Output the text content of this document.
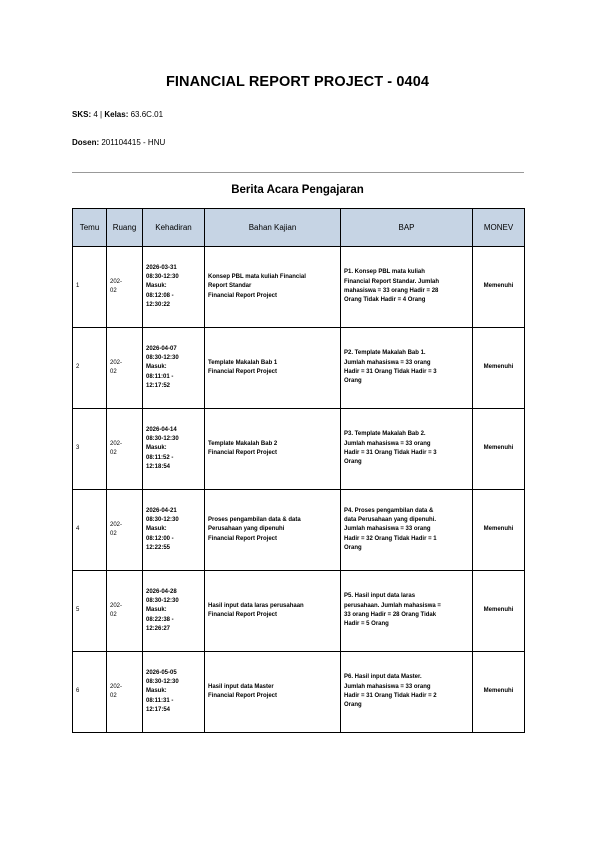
FINANCIAL REPORT PROJECT - 0404
SKS: 4 | Kelas: 63.6C.01
Dosen: 201104415 - HNU
Berita Acara Pengajaran
Temu	Ruang	Kehadiran	Bahan Kajian	BAP	MONEV
1	202-
02	2026-03-31
08:30-12:30
Masuk:
08:12:08 -
12:30:22	Konsep PBL mata kuliah Financial
Report Standar
Financial Report Project	P1. Konsep PBL mata kuliah
Financial Report Standar. Jumlah
mahasiswa = 33 orang Hadir = 28
Orang Tidak Hadir = 4 Orang	Memenuhi
2	202-
02	2026-04-07
08:30-12:30
Masuk:
08:11:01 -
12:17:52	Template Makalah Bab 1
Financial Report Project	P2. Template Makalah Bab 1.
Jumlah mahasiswa = 33 orang
Hadir = 31 Orang Tidak Hadir = 3
Orang	Memenuhi
3	202-
02	2026-04-14
08:30-12:30
Masuk:
08:11:52 -
12:18:54	Template Makalah Bab 2
Financial Report Project	P3. Template Makalah Bab 2.
Jumlah mahasiswa = 33 orang
Hadir = 31 Orang Tidak Hadir = 3
Orang	Memenuhi
4	202-
02	2026-04-21
08:30-12:30
Masuk:
08:12:00 -
12:22:55	Proses pengambilan data & data
Perusahaan yang dipenuhi
Financial Report Project	P4. Proses pengambilan data &
data Perusahaan yang dipenuhi.
Jumlah mahasiswa = 33 orang
Hadir = 32 Orang Tidak Hadir = 1
Orang	Memenuhi
5	202-
02	2026-04-28
08:30-12:30
Masuk:
08:22:38 -
12:26:27	Hasil input data laras perusahaan
Financial Report Project	P5. Hasil input data laras
perusahaan. Jumlah mahasiswa =
33 orang Hadir = 28 Orang Tidak
Hadir = 5 Orang	Memenuhi
6	202-
02	2026-05-05
08:30-12:30
Masuk:
08:11:31 -
12:17:54	Hasil input data Master
Financial Report Project	P6. Hasil input data Master.
Jumlah mahasiswa = 33 orang
Hadir = 31 Orang Tidak Hadir = 2
Orang	Memenuhi
